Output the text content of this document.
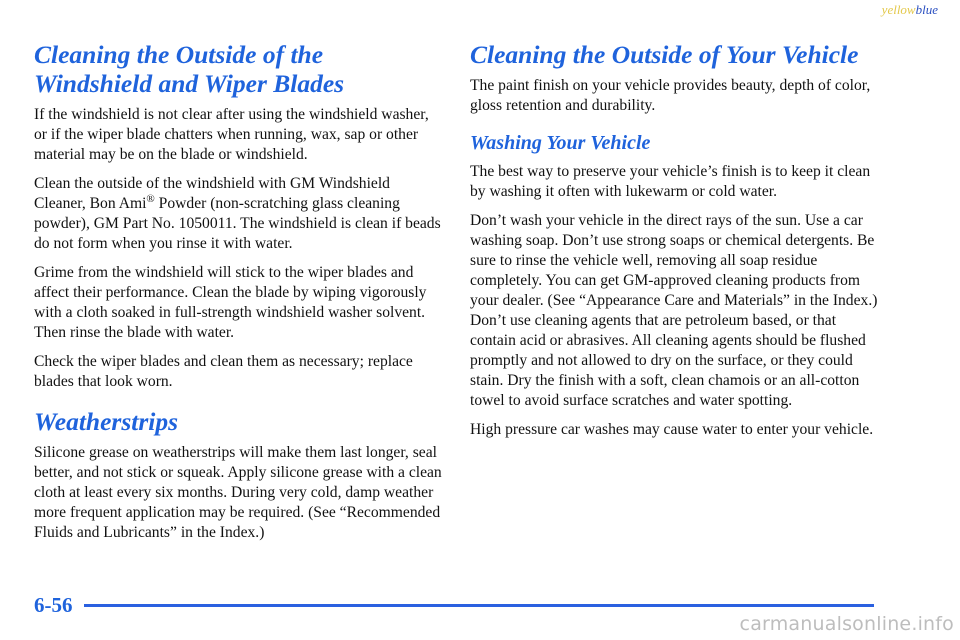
yellowblue
Cleaning the Outside of the
Windshield and Wiper Blades

If the windshield is not clear after using the windshield washer, or if the wiper blade chatters when running, wax, sap or other material may be on the blade or windshield.

Clean the outside of the windshield with GM Windshield Cleaner, Bon Ami® Powder (non-scratching glass cleaning powder), GM Part No. 1050011. The windshield is clean if beads do not form when you rinse it with water.

Grime from the windshield will stick to the wiper blades and affect their performance. Clean the blade by wiping vigorously with a cloth soaked in full-strength windshield washer solvent. Then rinse the blade with water.

Check the wiper blades and clean them as necessary; replace blades that look worn.

Weatherstrips

Silicone grease on weatherstrips will make them last longer, seal better, and not stick or squeak. Apply silicone grease with a clean cloth at least every six months. During very cold, damp weather more frequent application may be required. (See “Recommended Fluids and Lubricants” in the Index.)

Cleaning the Outside of Your Vehicle

The paint finish on your vehicle provides beauty, depth of color, gloss retention and durability.

Washing Your Vehicle

The best way to preserve your vehicle’s finish is to keep it clean by washing it often with lukewarm or cold water.

Don’t wash your vehicle in the direct rays of the sun. Use a car washing soap. Don’t use strong soaps or chemical detergents. Be sure to rinse the vehicle well, removing all soap residue completely. You can get GM-approved cleaning products from your dealer. (See “Appearance Care and Materials” in the Index.) Don’t use cleaning agents that are petroleum based, or that contain acid or abrasives. All cleaning agents should be flushed promptly and not allowed to dry on the surface, or they could stain. Dry the finish with a soft, clean chamois or an all-cotton towel to avoid surface scratches and water spotting.

High pressure car washes may cause water to enter your vehicle.

6-56
carmanualsonline.info
